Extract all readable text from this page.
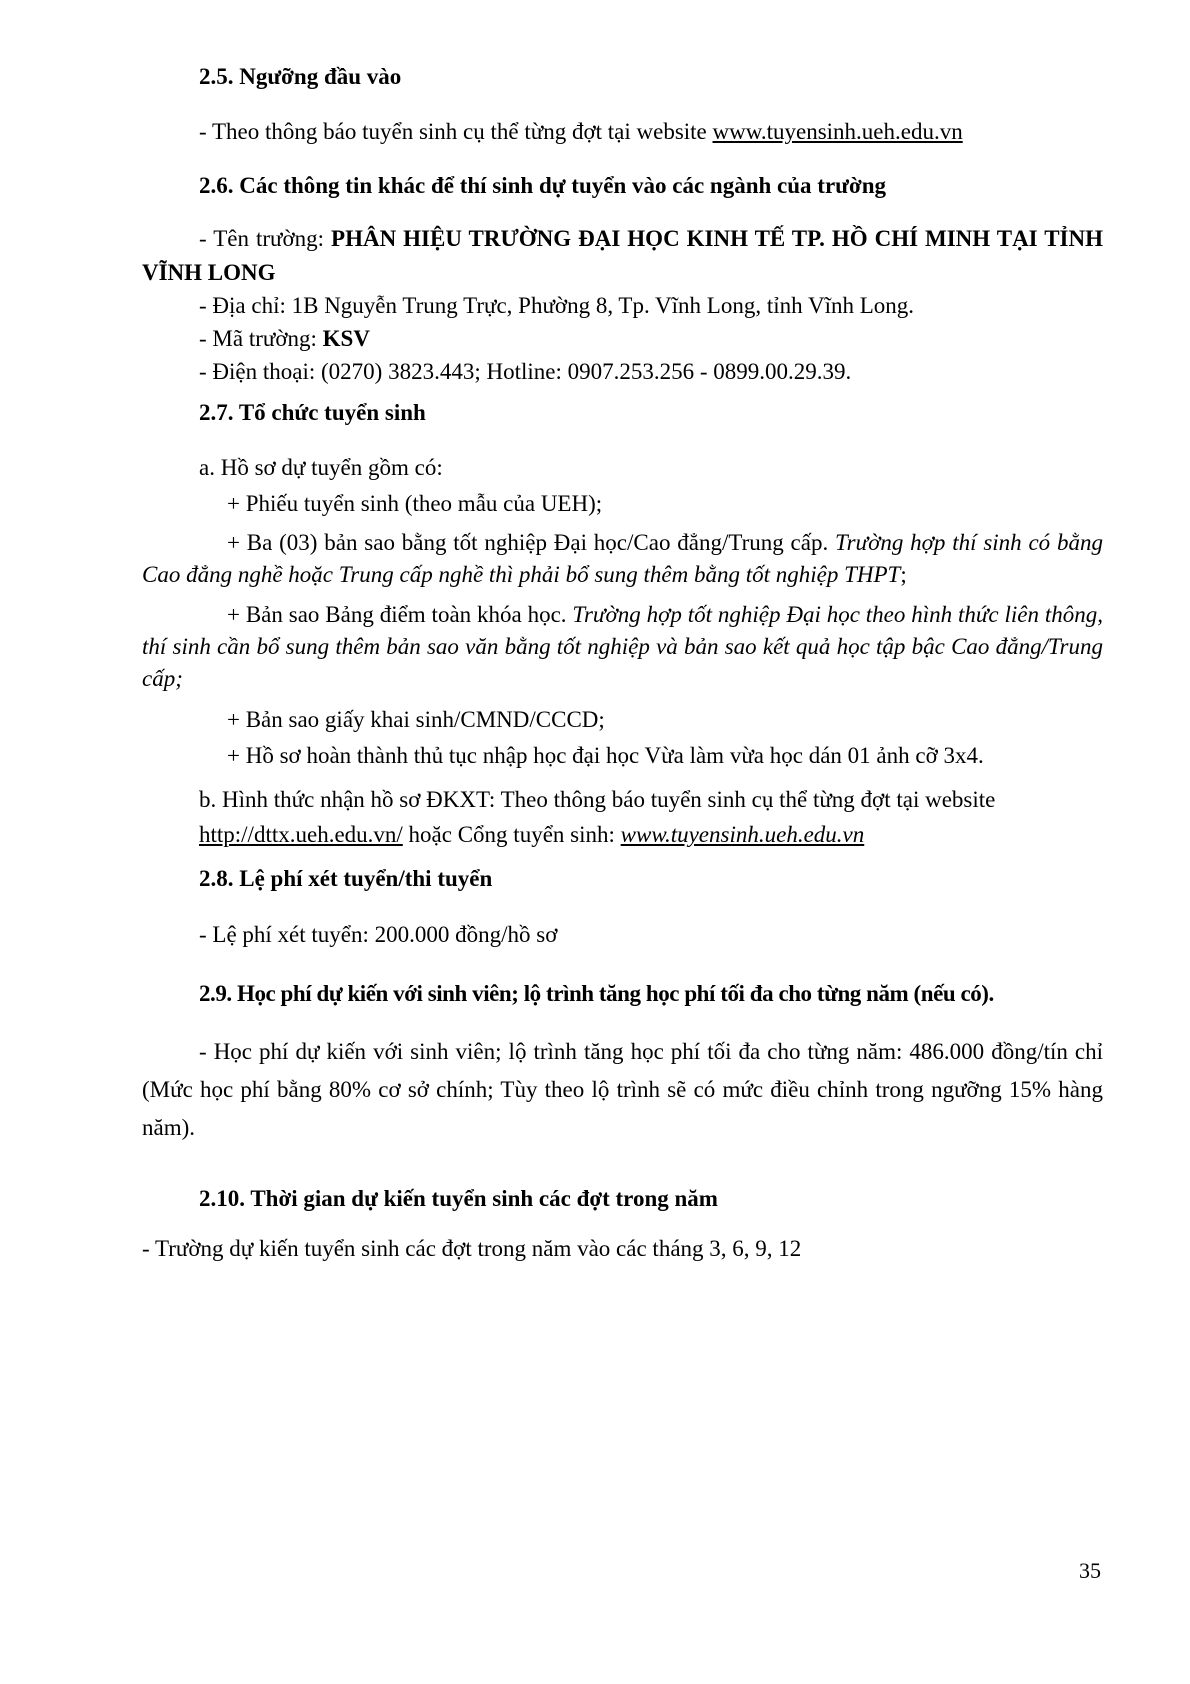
2.5. Ngưỡng đầu vào
- Theo thông báo tuyển sinh cụ thể từng đợt tại website www.tuyensinh.ueh.edu.vn
2.6. Các thông tin khác để thí sinh dự tuyển vào các ngành của trường
- Tên trường: PHÂN HIỆU TRƯỜNG ĐẠI HỌC KINH TẾ TP. HỒ CHÍ MINH TẠI TỈNH VĨNH LONG
- Địa chỉ: 1B Nguyễn Trung Trực, Phường 8, Tp. Vĩnh Long, tỉnh Vĩnh Long.
- Mã trường: KSV
- Điện thoại: (0270) 3823.443; Hotline: 0907.253.256 - 0899.00.29.39.
2.7. Tổ chức tuyển sinh
a. Hồ sơ dự tuyển gồm có:
+ Phiếu tuyển sinh (theo mẫu của UEH);
+ Ba (03) bản sao bằng tốt nghiệp Đại học/Cao đẳng/Trung cấp. Trường hợp thí sinh có bằng Cao đẳng nghề hoặc Trung cấp nghề thì phải bổ sung thêm bằng tốt nghiệp THPT;
+ Bản sao Bảng điểm toàn khóa học. Trường hợp tốt nghiệp Đại học theo hình thức liên thông, thí sinh cần bổ sung thêm bản sao văn bằng tốt nghiệp và bản sao kết quả học tập bậc Cao đẳng/Trung cấp;
+ Bản sao giấy khai sinh/CMND/CCCD;
+ Hồ sơ hoàn thành thủ tục nhập học đại học Vừa làm vừa học dán 01 ảnh cỡ 3x4.
b. Hình thức nhận hồ sơ ĐKXT: Theo thông báo tuyển sinh cụ thể từng đợt tại website
http://dttx.ueh.edu.vn/ hoặc Cổng tuyển sinh: www.tuyensinh.ueh.edu.vn
2.8. Lệ phí xét tuyển/thi tuyển
- Lệ phí xét tuyển: 200.000 đồng/hồ sơ
2.9. Học phí dự kiến với sinh viên; lộ trình tăng học phí tối đa cho từng năm (nếu có).
- Học phí dự kiến với sinh viên; lộ trình tăng học phí tối đa cho từng năm: 486.000 đồng/tín chỉ (Mức học phí bằng 80% cơ sở chính; Tùy theo lộ trình sẽ có mức điều chỉnh trong ngưỡng 15% hàng năm).
2.10. Thời gian dự kiến tuyển sinh các đợt trong năm
- Trường dự kiến tuyển sinh các đợt trong năm vào các tháng 3, 6, 9, 12
35
